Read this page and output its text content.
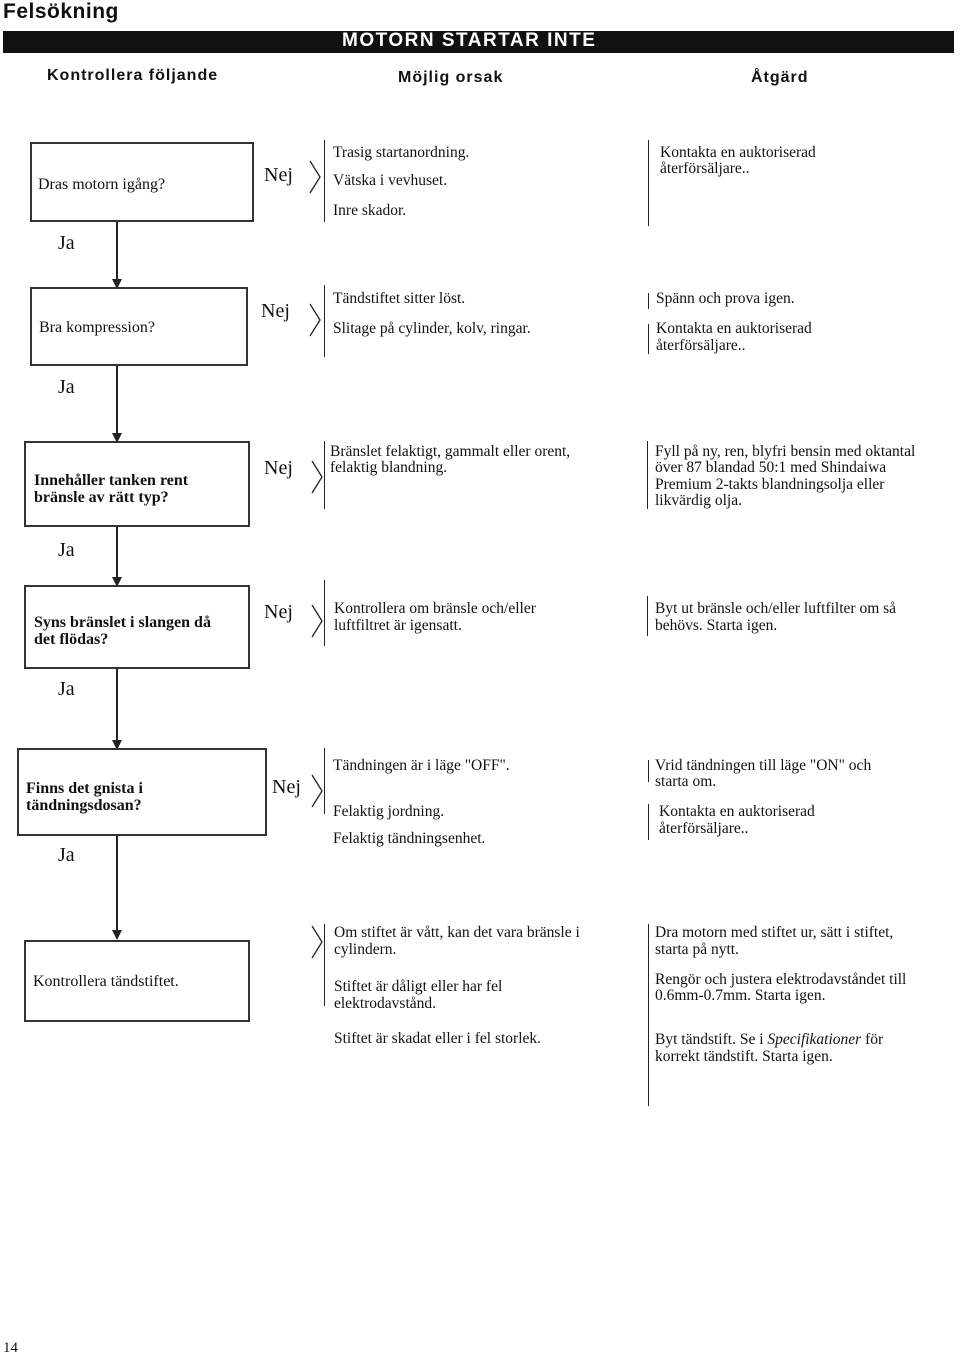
Felsökning
MOTORN STARTAR INTE
Kontrollera följande	Möjlig orsak	Åtgärd
Dras motorn igång?	Nej
Ja
Trasig startanordning.
Vätska i vevhuset.
Inre skador.
Kontakta en auktoriserad
återförsäljare..
Bra kompression?
Nej
Ja
Tändstiftet sitter löst.
Slitage på cylinder, kolv, ringar.
Spänn och prova igen.
Kontakta en auktoriserad
återförsäljare..
Innehåller tanken rent
bränsle av rätt typ?
Nej
Ja
Bränslet felaktigt, gammalt eller orent,
felaktig blandning.
Fyll på ny, ren, blyfri bensin med oktantal
över 87 blandad 50:1 med Shindaiwa
Premium 2-takts blandningsolja eller
likvärdig olja.
Syns bränslet i slangen då
det flödas?
Nej
Ja
Kontrollera om bränsle och/eller
luftfiltret är igensatt.
Byt ut bränsle och/eller luftfilter om så
behövs. Starta igen.
Finns det gnista i
tändningsdosan?
Nej
Ja
Tändningen är i läge "OFF".
Felaktig jordning.
Felaktig tändningsenhet.
Vrid tändningen till läge "ON" och
starta om.
Kontakta en auktoriserad
återförsäljare..
Kontrollera tändstiftet.
Om stiftet är vått, kan det vara bränsle i
cylindern.
Stiftet är dåligt eller har fel
elektrodavstånd.
Stiftet är skadat eller i fel storlek.
Dra motorn med stiftet ur, sätt i stiftet,
starta på nytt.
Rengör och justera elektrodavståndet till
0.6mm-0.7mm. Starta igen.
Byt tändstift. Se i Specifikationer för
korrekt tändstift. Starta igen.
14
